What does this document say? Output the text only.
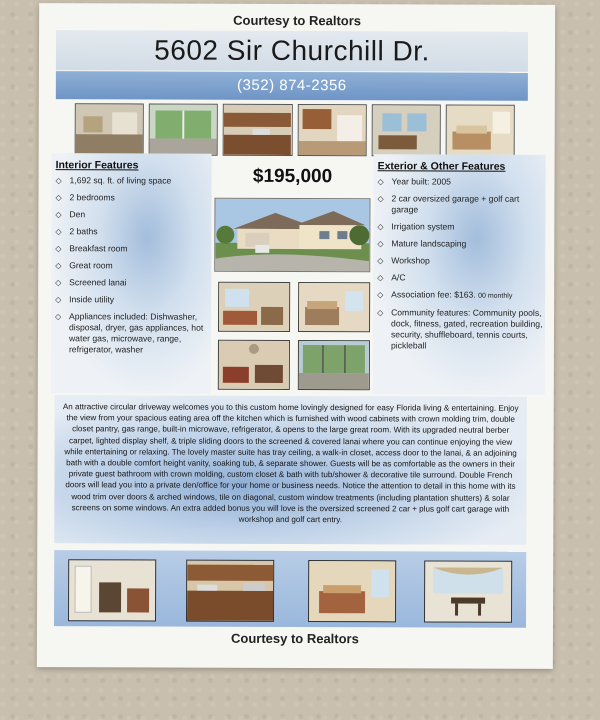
Courtesy to Realtors
5602 Sir Churchill Dr.
(352) 874-2356
Interior Features
◇ 1,692 sq. ft. of living space
◇ 2 bedrooms
◇ Den
◇ 2 baths
◇ Breakfast room
◇ Great room
◇ Screened lanai
◇ Inside utility
◇ Appliances included: Dishwasher, disposal, dryer, gas appliances, hot water gas, microwave, range, refrigerator, washer
$195,000	Exterior & Other Features
◇ Year built: 2005
◇ 2 car oversized garage + golf cart garage
◇ Irrigation system
◇ Mature landscaping
◇ Workshop
◇ A/C
◇ Association fee: $163. 00 monthly
◇ Community features: Community pools, dock, fitness, gated, recreation building, security, shuffleboard, tennis courts, pickleball

An attractive circular driveway welcomes you to this custom home lovingly designed for easy Florida living & entertaining. Enjoy the view from your spacious eating area off the kitchen which is furnished with wood cabinets with crown molding trim, double closet pantry, gas range, built-in microwave, refrigerator, & opens to the large great room. With its upgraded neutral berber carpet, lighted display shelf, & triple sliding doors to the screened & covered lanai where you can continue enjoying the view while entertaining or relaxing. The lovely master suite has tray ceiling, a walk-in closet, access door to the lanai, & an adjoining bath with a double comfort height vanity, soaking tub, & separate shower. Guests will be as comfortable as the owners in their private guest bathroom with crown molding, custom closet & bath with tub/shower & decorative tile surround. Double French doors will lead you into a private den/office for your home or business needs. Notice the attention to detail in this home with its wood trim over doors & arched windows, tile on diagonal, custom window treatments (including plantation shutters) & solar screens on some windows. An extra added bonus you will love is the oversized screened 2 car + plus golf cart garage with workshop and golf cart entry.

Courtesy to Realtors
